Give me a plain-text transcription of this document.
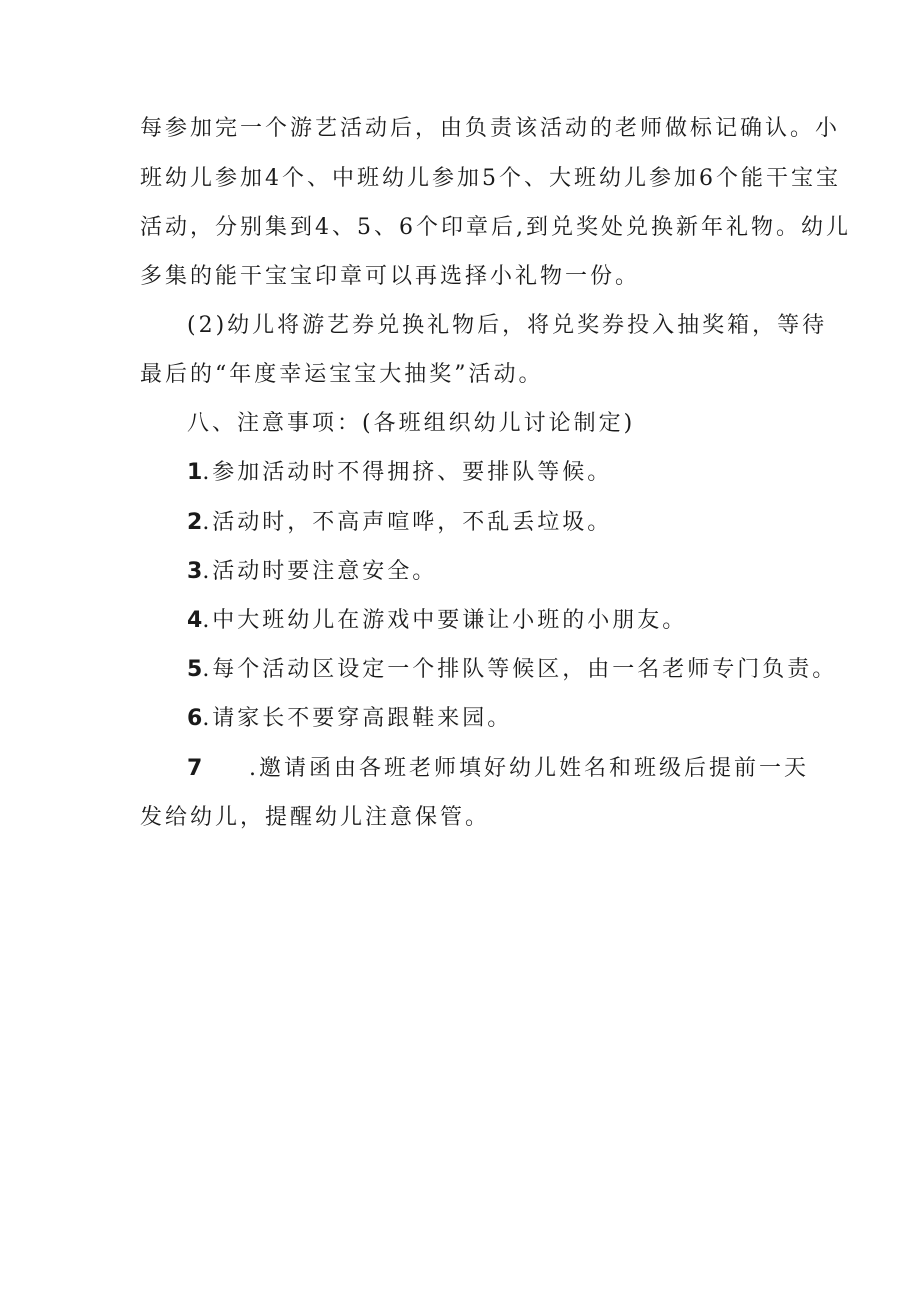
每参加完一个游艺活动后，由负责该活动的老师做标记确认。小
班幼儿参加4个、中班幼儿参加5个、大班幼儿参加6个能干宝宝
活动，分别集到4、5、6个印章后,到兑奖处兑换新年礼物。幼儿
多集的能干宝宝印章可以再选择小礼物一份。
(2)幼儿将游艺券兑换礼物后，将兑奖券投入抽奖箱，等待
最后的“年度幸运宝宝大抽奖”活动。
八、注意事项：(各班组织幼儿讨论制定)
1.参加活动时不得拥挤、要排队等候。
2.活动时，不高声喧哗，不乱丢垃圾。
3.活动时要注意安全。
4.中大班幼儿在游戏中要谦让小班的小朋友。
5.每个活动区设定一个排队等候区，由一名老师专门负责。
6.请家长不要穿高跟鞋来园。
7 .邀请函由各班老师填好幼儿姓名和班级后提前一天
发给幼儿，提醒幼儿注意保管。
